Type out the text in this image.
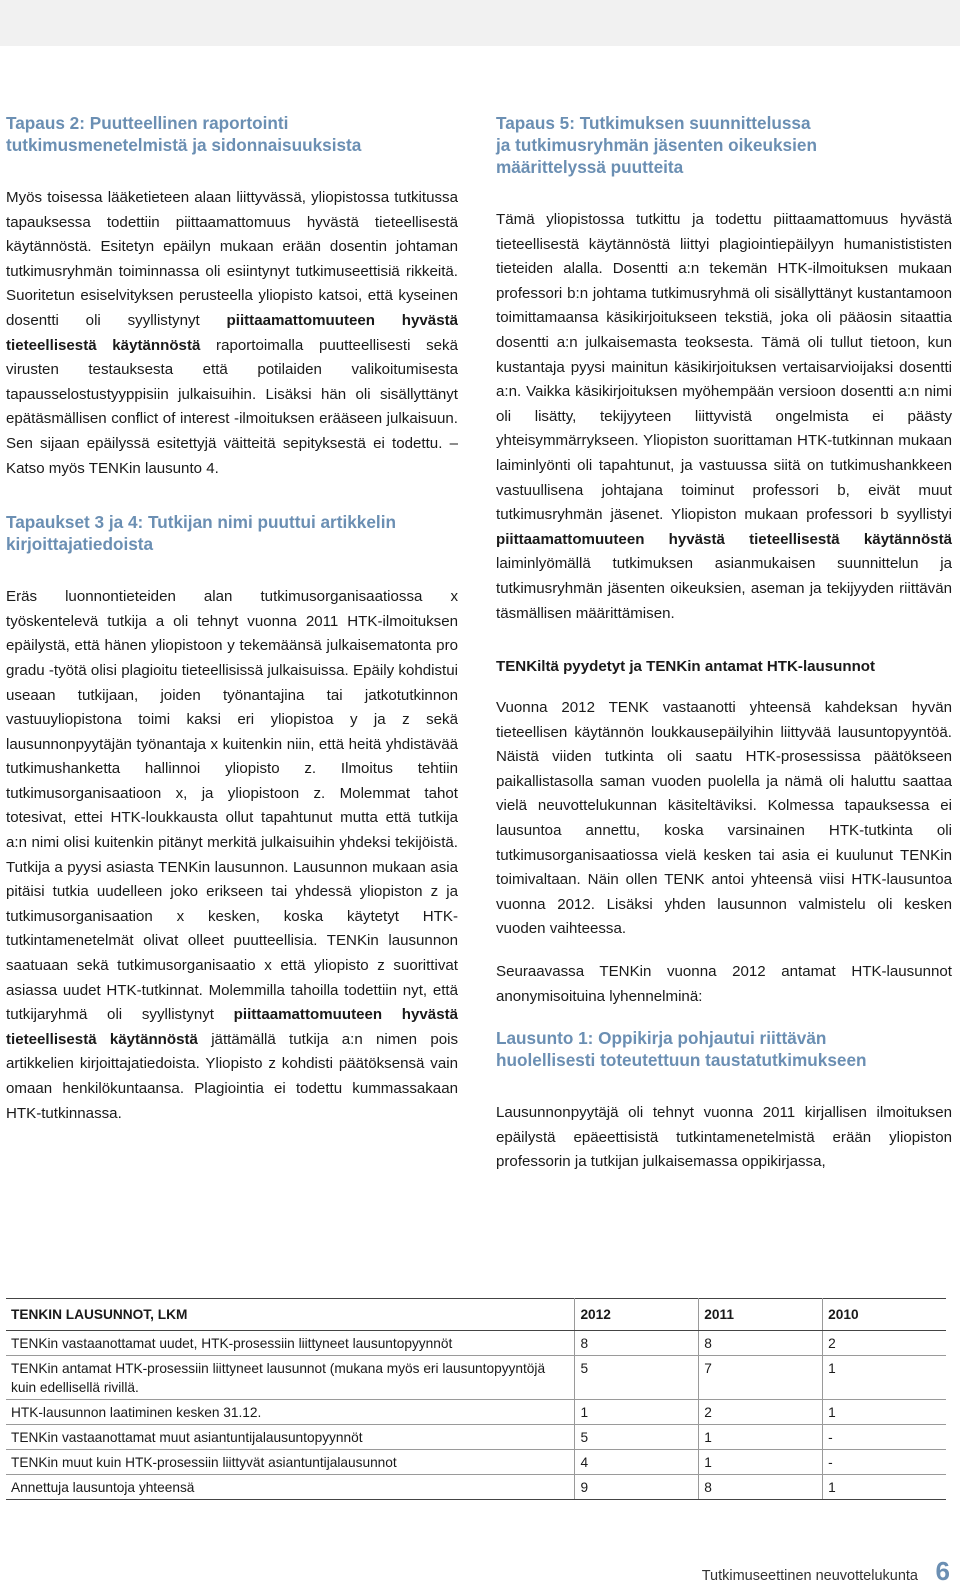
Tapaus 2: Puutteellinen raportointi
tutkimusmenetelmistä ja sidonnaisuuksista

Myös toisessa lääketieteen alaan liittyvässä, yliopistossa tutkitussa tapauksessa todettiin piittaamattomuus hyvästä tieteellisestä käytännöstä. Esitetyn epäilyn mukaan erään dosentin johtaman tutkimusryhmän toiminnassa oli esiintynyt tutkimuseettisiä rikkeitä. Suoritetun esiselvityksen perusteella yliopisto katsoi, että kyseinen dosentti oli syyllistynyt piittaamattomuuteen hyvästä tieteellisestä käytännöstä raportoimalla puutteellisesti sekä virusten testauksesta että potilaiden valikoitumisesta tapausselostustyyppisiin julkaisuihin. Lisäksi hän oli sisällyttänyt epätäsmällisen conflict of interest -ilmoituksen erääseen julkaisuun. Sen sijaan epäilyssä esitettyjä väitteitä sepityksestä ei todettu. – Katso myös TENKin lausunto 4.

Tapaukset 3 ja 4: Tutkijan nimi puuttui artikkelin
kirjoittajatiedoista

Eräs luonnontieteiden alan tutkimusorganisaatiossa x työskentelevä tutkija a oli tehnyt vuonna 2011 HTK-ilmoituksen epäilystä, että hänen yliopistoon y tekemäänsä julkaisematonta pro gradu -työtä olisi plagioitu tieteellisissä julkaisuissa. Epäily kohdistui useaan tutkijaan, joiden työnantajina tai jatkotutkinnon vastuuyliopistona toimi kaksi eri yliopistoa y ja z sekä lausunnonpyytäjän työnantaja x kuitenkin niin, että heitä yhdistävää tutkimushanketta hallinnoi yliopisto z. Ilmoitus tehtiin tutkimusorganisaatioon x, ja yliopistoon z. Molemmat tahot totesivat, ettei HTK-loukkausta ollut tapahtunut mutta että tutkija a:n nimi olisi kuitenkin pitänyt merkitä julkaisuihin yhdeksi tekijöistä. Tutkija a pyysi asiasta TENKin lausunnon. Lausunnon mukaan asia pitäisi tutkia uudelleen joko erikseen tai yhdessä yliopiston z ja tutkimusorganisaation x kesken, koska käytetyt HTK-tutkintamenetelmät olivat olleet puutteellisia. TENKin lausunnon saatuaan sekä tutkimusorganisaatio x että yliopisto z suorittivat asiassa uudet HTK-tutkinnat. Molemmilla tahoilla todettiin nyt, että tutkijaryhmä oli syyllistynyt piittaamattomuuteen hyvästä tieteellisestä käytännöstä jättämällä tutkija a:n nimen pois artikkelien kirjoittajatiedoista. Yliopisto z kohdisti päätöksensä vain omaan henkilökuntaansa. Plagiointia ei todettu kummassakaan HTK-tutkinnassa.

Tapaus 5: Tutkimuksen suunnittelussa
ja tutkimusryhmän jäsenten oikeuksien
määrittelyssä puutteita

Tämä yliopistossa tutkittu ja todettu piittaamattomuus hyvästä tieteellisestä käytännöstä liittyi plagiointiepäilyyn humanistististen tieteiden alalla. Dosentti a:n tekemän HTK-ilmoituksen mukaan professori b:n johtama tutkimusryhmä oli sisällyttänyt kustantamoon toimittamaansa käsikirjoitukseen tekstiä, joka oli pääosin sitaattia dosentti a:n julkaisemasta teoksesta. Tämä oli tullut tietoon, kun kustantaja pyysi mainitun käsikirjoituksen vertaisarvioijaksi dosentti a:n. Vaikka käsikirjoituksen myöhempään versioon dosentti a:n nimi oli lisätty, tekijyyteen liittyvistä ongelmista ei päästy yhteisymmärrykseen. Yliopiston suorittaman HTK-tutkinnan mukaan laiminlyönti oli tapahtunut, ja vastuussa siitä on tutkimushankkeen vastuullisena johtajana toiminut professori b, eivät muut tutkimusryhmän jäsenet. Yliopiston mukaan professori b syyllistyi piittaamattomuuteen hyvästä tieteellisestä käytännöstä laiminlyömällä tutkimuksen asianmukaisen suunnittelun ja tutkimusryhmän jäsenten oikeuksien, aseman ja tekijyyden riittävän täsmällisen määrittämisen.

TENKiltä pyydetyt ja TENKin antamat HTK-lausunnot

Vuonna 2012 TENK vastaanotti yhteensä kahdeksan hyvän tieteellisen käytännön loukkausepäilyihin liittyvää lausuntopyyntöä. Näistä viiden tutkinta oli saatu HTK-prosessissa päätökseen paikallistasolla saman vuoden puolella ja nämä oli haluttu saattaa vielä neuvottelukunnan käsiteltäviksi. Kolmessa tapauksessa ei lausuntoa annettu, koska varsinainen HTK-tutkinta oli tutkimusorganisaatiossa vielä kesken tai asia ei kuulunut TENKin toimivaltaan. Näin ollen TENK antoi yhteensä viisi HTK-lausuntoa vuonna 2012. Lisäksi yhden lausunnon valmistelu oli kesken vuoden vaihteessa.

Seuraavassa TENKin vuonna 2012 antamat HTK-lausunnot anonymisoituina lyhennelminä:

Lausunto 1: Oppikirja pohjautui riittävän
huolellisesti toteutettuun taustatutkimukseen

Lausunnonpyytäjä oli tehnyt vuonna 2011 kirjallisen ilmoituksen epäilystä epäeettisistä tutkintamenetelmistä erään yliopiston professorin ja tutkijan julkaisemassa oppikirjassa,

TENKIN LAUSUNNOT, LKM	2012	2011	2010
TENKin vastaanottamat uudet, HTK-prosessiin liittyneet lausuntopyynnöt	8	8	2
TENKin antamat HTK-prosessiin liittyneet lausunnot (mukana myös eri lausuntopyyntöjä kuin edellisellä rivillä.	5	7	1
HTK-lausunnon laatiminen kesken 31.12.	1	2	1
TENKin vastaanottamat muut asiantuntijalausuntopyynnöt	5	1	-
TENKin muut kuin HTK-prosessiin liittyvät asiantuntijalausunnot	4	1	-
Annettuja lausuntoja yhteensä	9	8	1
Tutkimuseettinen neuvottelukunta 6
